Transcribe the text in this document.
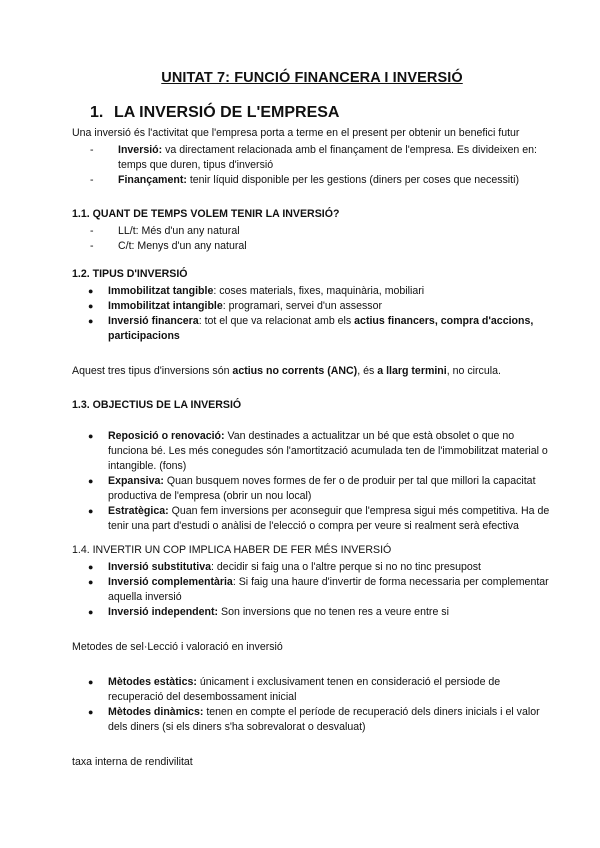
UNITAT 7: FUNCIÓ FINANCERA I INVERSIÓ
1. LA INVERSIÓ DE L'EMPRESA

Una inversió és l'activitat que l'empresa porta a terme en el present per obtenir un benefici futur

- Inversió: va directament relacionada amb el finançament de l'empresa. Es divideixen en: temps que duren, tipus d'inversió
- Finançament: tenir líquid disponible per les gestions (diners per coses que necessiti)
1.1. QUANT DE TEMPS VOLEM TENIR LA INVERSIÓ?
- LL/t: Més d'un any natural
- C/t: Menys d'un any natural
1.2. TIPUS D'INVERSIÓ
● Immobilitzat tangible: coses materials, fixes, maquinària, mobiliari
● Immobilitzat intangible: programari, servei d'un assessor
● Inversió financera: tot el que va relacionat amb els actius financers, compra d'accions, participacions

Aquest tres tipus d'inversions són actius no corrents (ANC), és a llarg termini, no circula.

1.3. OBJECTIUS DE LA INVERSIÓ
● Reposició o renovació: Van destinades a actualitzar un bé que està obsolet o que no funciona bé. Les més conegudes són l'amortització acumulada ten de l'immobilitzat material o intangible. (fons)
● Expansiva: Quan busquem noves formes de fer o de produir per tal que millori la capacitat productiva de l'empresa (obrir un nou local)
● Estratègica: Quan fem inversions per aconseguir que l'empresa sigui més competitiva. Ha de tenir una part d'estudi o anàlisi de l'elecció o compra per veure si realment serà efectiva
1.4. INVERTIR UN COP IMPLICA HABER DE FER MÉS INVERSIÓ
● Inversió substitutiva: decidir si faig una o l'altre perque si no no tinc presupost
● Inversió complementària: Si faig una haure d'invertir de forma necessaria per complementar aquella inversió
● Inversió independent: Son inversions que no tenen res a veure entre si

Metodes de sel·Lecció i valoració en inversió

● Mètodes estàtics: únicament i exclusivament tenen en consideració el persiode de recuperació del desembossament inicial
● Mètodes dinàmics: tenen en compte el període de recuperació dels diners inicials i el valor dels diners (si els diners s'ha sobrevalorat o desvaluat)

taxa interna de rendivilitat
